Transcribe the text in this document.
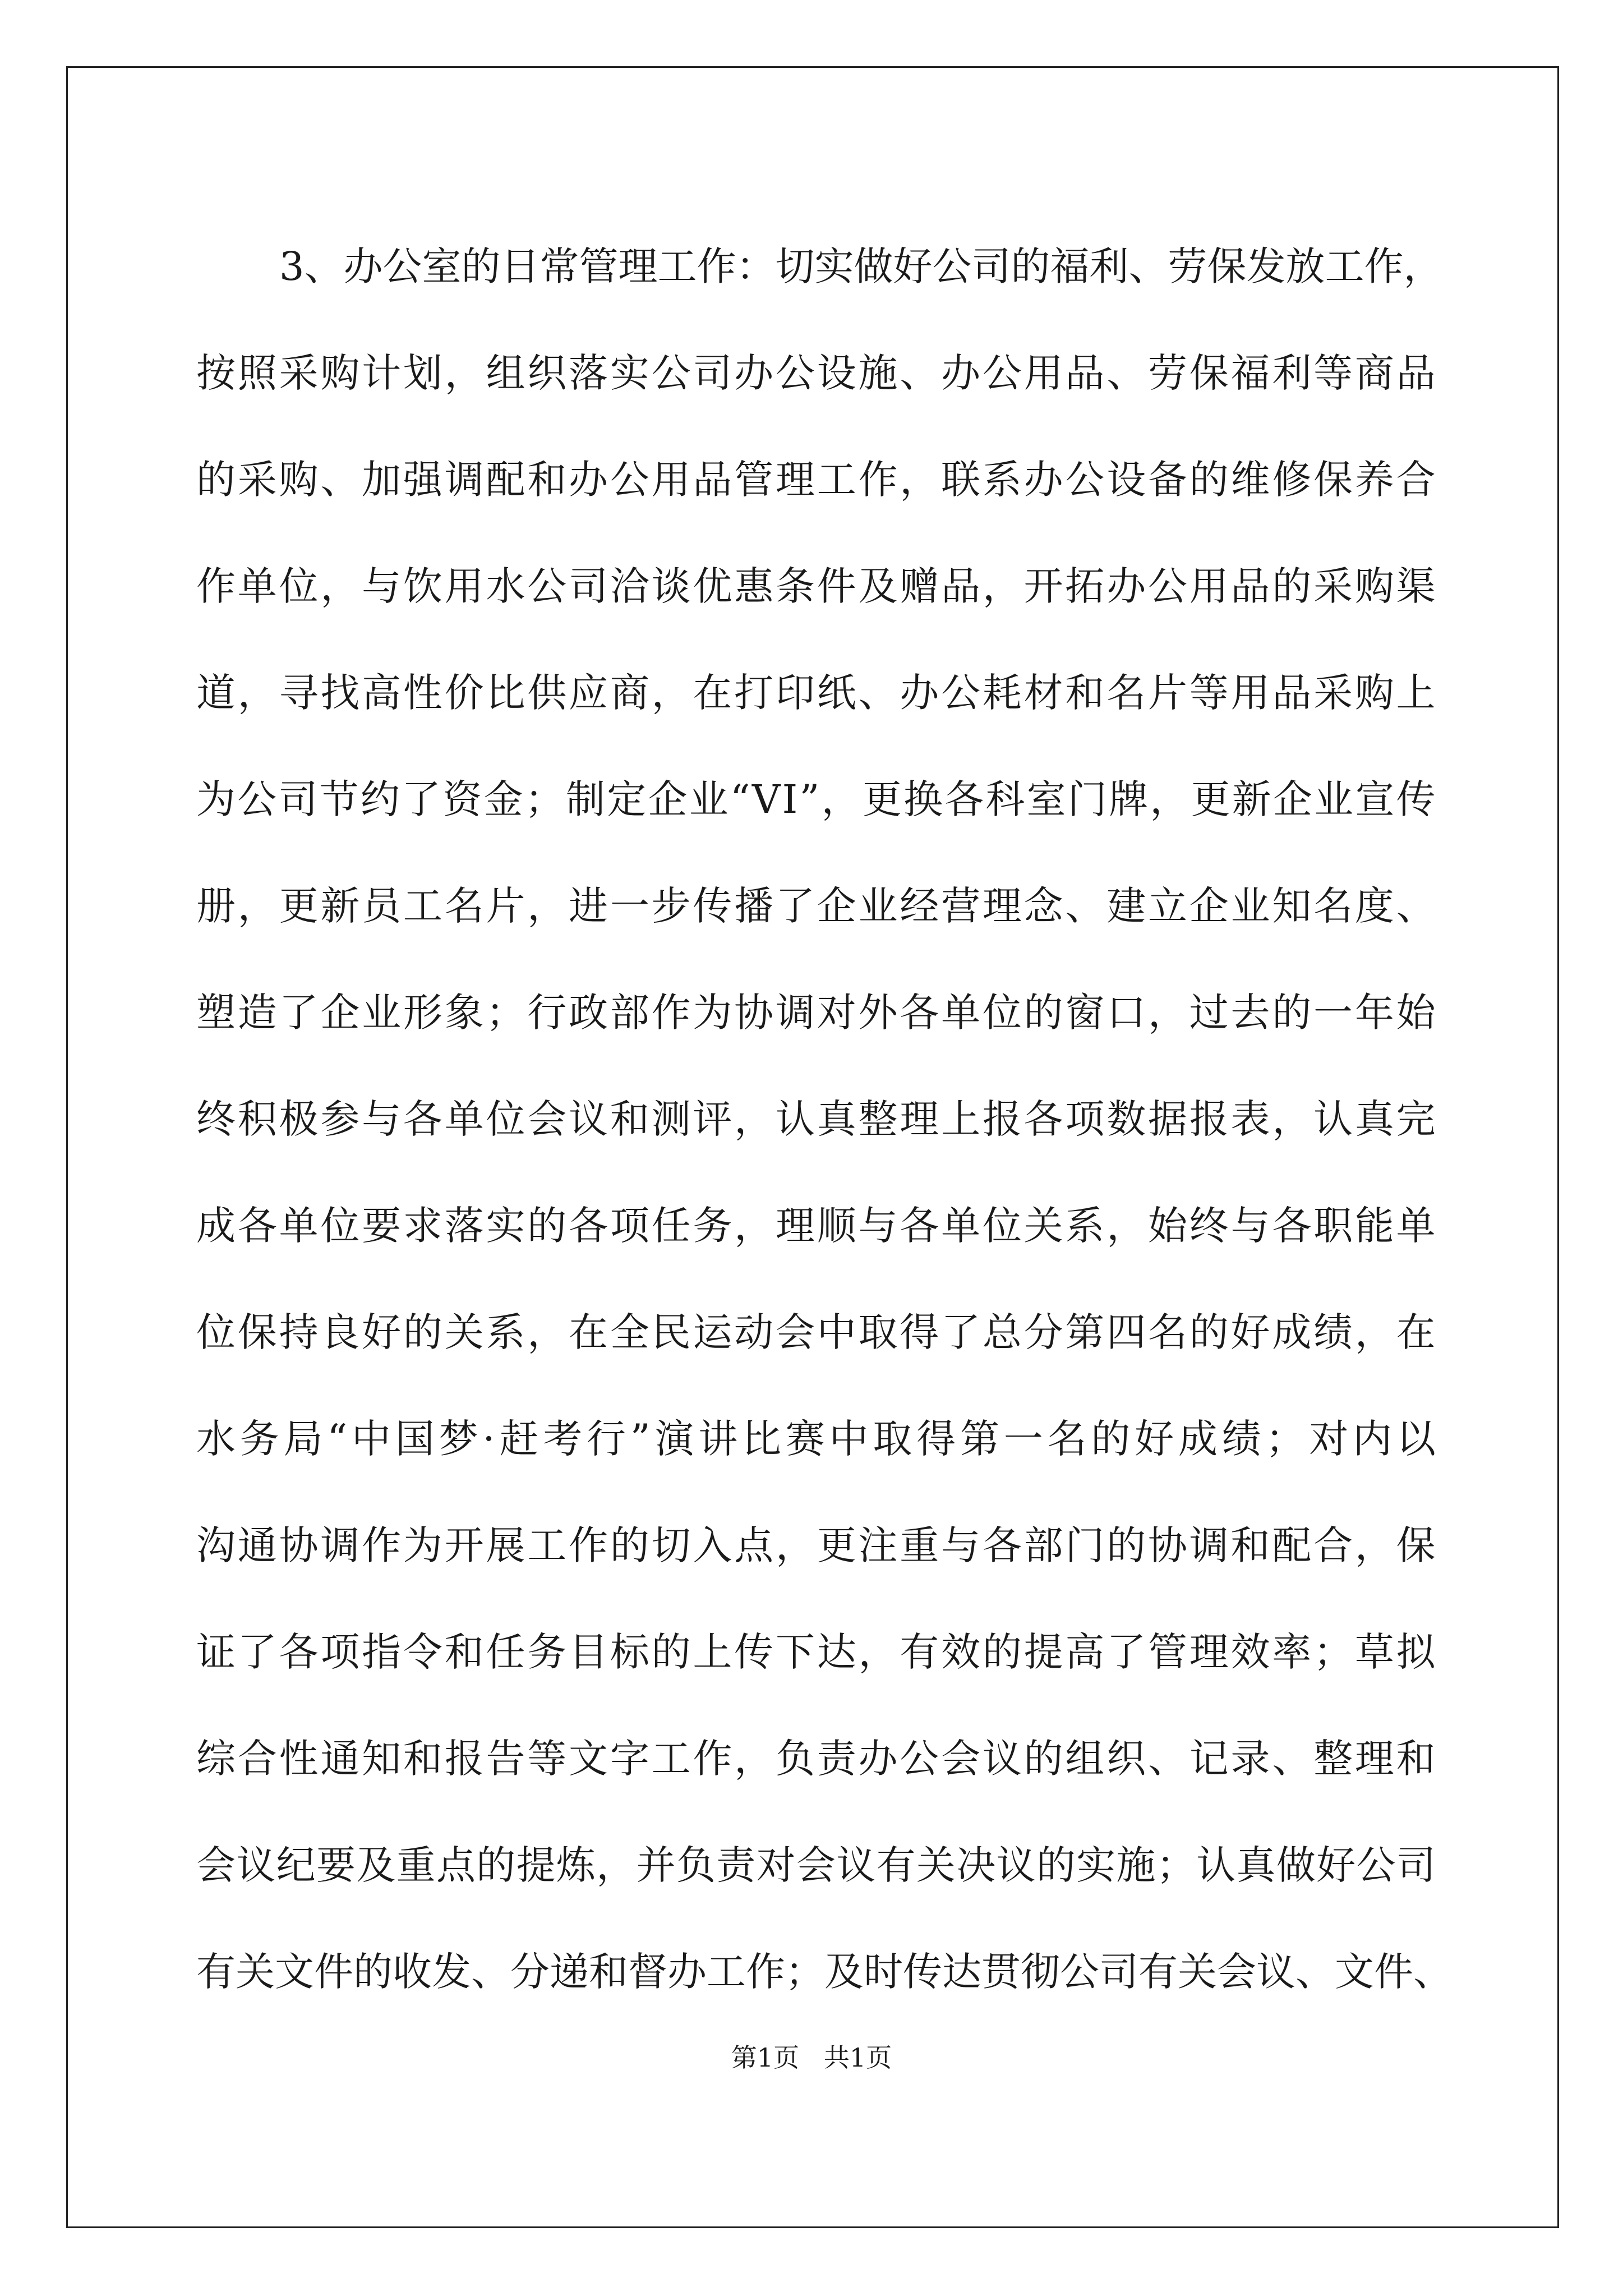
3 、 办 公 室 的 日 常 管 理 工 作 ： 切 实 做 好 公 司 的 福 利 、 劳 保 发 放 工 作 ，
按 照 采 购 计 划 ， 组 织 落 实 公 司 办 公 设 施 、 办 公 用 品 、 劳 保 福 利 等 商 品
的 采 购 、 加 强 调 配 和 办 公 用 品 管 理 工 作 ， 联 系 办 公 设 备 的 维 修 保 养 合
作 单 位 ， 与 饮 用 水 公 司 洽 谈 优 惠 条 件 及 赠 品 ， 开 拓 办 公 用 品 的 采 购 渠
道 ， 寻 找 高 性 价 比 供 应 商 ， 在 打 印 纸 、 办 公 耗 材 和 名 片 等 用 品 采 购 上
为 公 司 节 约 了 资 金 ； 制 定 企 业 “ V I ” ， 更 换 各 科 室 门 牌 ， 更 新 企 业 宣 传
册 ， 更 新 员 工 名 片 ， 进 一 步 传 播 了 企 业 经 营 理 念 、 建 立 企 业 知 名 度 、
塑 造 了 企 业 形 象 ； 行 政 部 作 为 协 调 对 外 各 单 位 的 窗 口 ， 过 去 的 一 年 始
终 积 极 参 与 各 单 位 会 议 和 测 评 ， 认 真 整 理 上 报 各 项 数 据 报 表 ， 认 真 完
成 各 单 位 要 求 落 实 的 各 项 任 务 ， 理 顺 与 各 单 位 关 系 ， 始 终 与 各 职 能 单
位 保 持 良 好 的 关 系 ， 在 全 民 运 动 会 中 取 得 了 总 分 第 四 名 的 好 成 绩 ， 在
水 务 局 “ 中 国 梦 · 赶 考 行 ” 演 讲 比 赛 中 取 得 第 一 名 的 好 成 绩 ； 对 内 以
沟 通 协 调 作 为 开 展 工 作 的 切 入 点 ， 更 注 重 与 各 部 门 的 协 调 和 配 合 ， 保
证 了 各 项 指 令 和 任 务 目 标 的 上 传 下 达 ， 有 效 的 提 高 了 管 理 效 率 ； 草 拟
综 合 性 通 知 和 报 告 等 文 字 工 作 ， 负 责 办 公 会 议 的 组 织 、 记 录 、 整 理 和
会 议 纪 要 及 重 点 的 提 炼 ， 并 负 责 对 会 议 有 关 决 议 的 实 施 ； 认 真 做 好 公 司
有 关 文 件 的 收 发 、 分 递 和 督 办 工 作 ； 及 时 传 达 贯 彻 公 司 有 关 会 议 、 文 件 、
第1页   共1页
